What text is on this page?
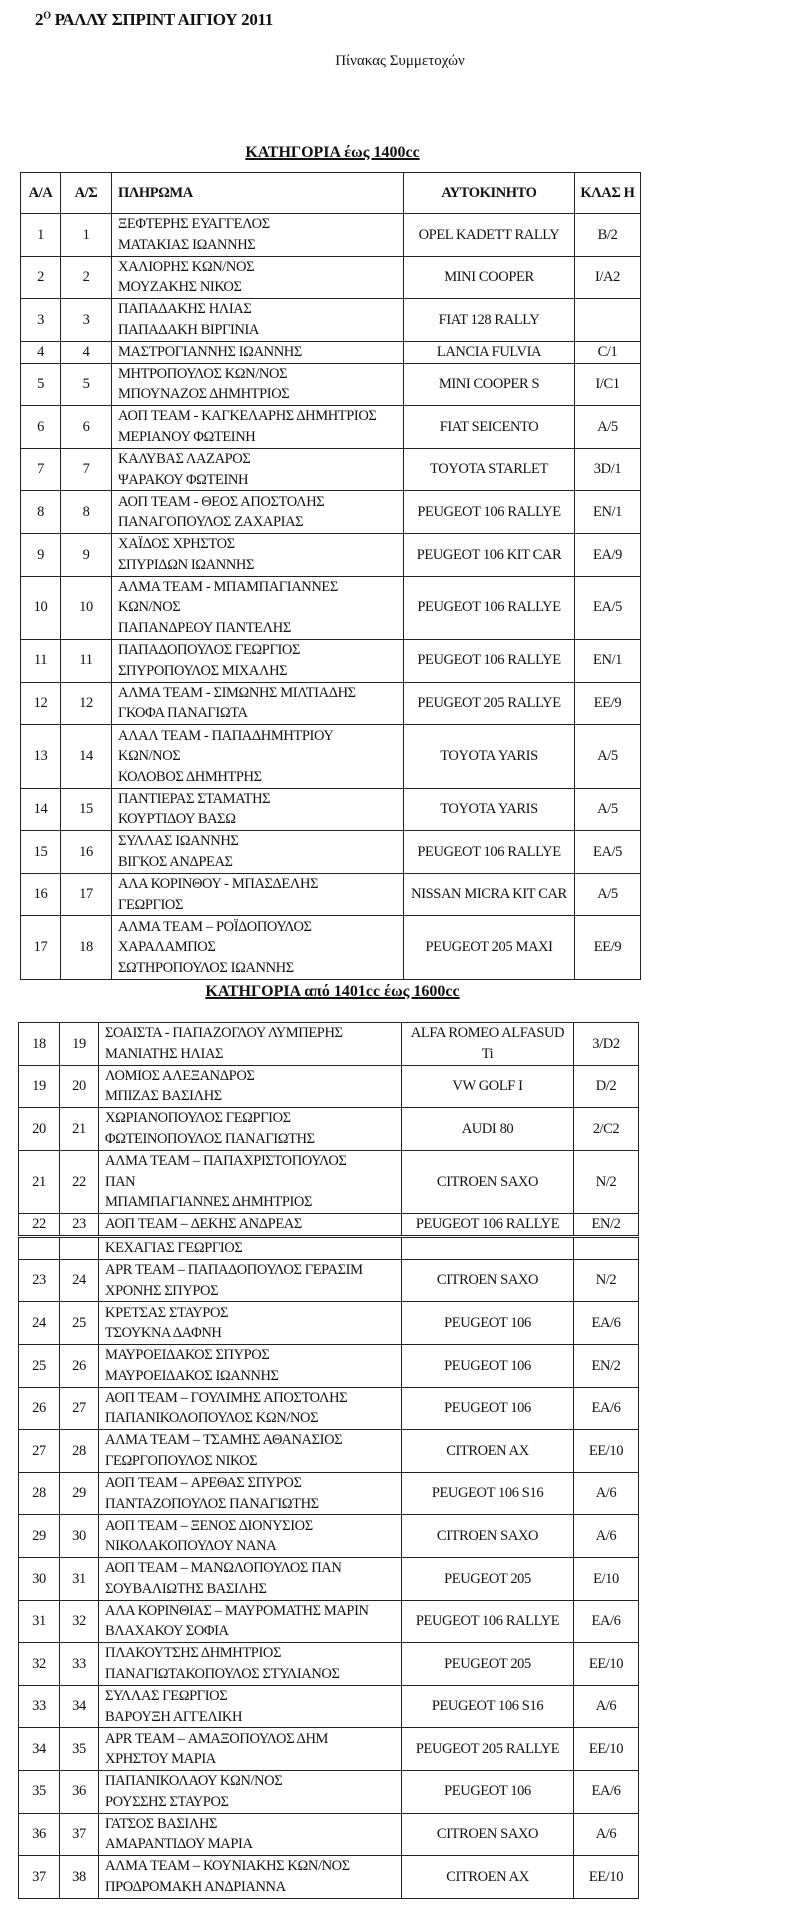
$2^O$ ΡΑΛΛΥ ΣΠΡΙΝΤ ΑΙΓΙΟΥ 2011
Πίνακας Συμμετοχών
ΚΑΤΗΓΟΡΙΑ έως 1400cc
Α/Α	Α/Σ	ΠΛΗΡΩΜΑ	ΑΥΤΟΚΙΝΗΤΟ	ΚΛΑΣ Η
1	1	ΞΕΦΤΕΡΗΣ ΕΥΑΓΓΕΛΟΣ
ΜΑΤΑΚΙΑΣ ΙΩΑΝΝΗΣ	OPEL KADETT RALLY	B/2
2	2	ΧΑΛΙΟΡΗΣ ΚΩΝ/ΝΟΣ
ΜΟΥΖΑΚΗΣ ΝΙΚΟΣ	MINI COOPER	I/A2
3	3	ΠΑΠΑΔΑΚΗΣ ΗΛΙΑΣ
ΠΑΠΑΔΑΚΗ ΒΙΡΓΙΝΙΑ	FIAT 128 RALLY	
4	4	ΜΑΣΤΡΟΓΙΑΝΝΗΣ ΙΩΑΝΝΗΣ	LANCIA FULVIA	C/1
5	5	ΜΗΤΡΟΠΟΥΛΟΣ ΚΩΝ/ΝΟΣ
ΜΠΟΥΝΑΖΟΣ ΔΗΜΗΤΡΙΟΣ	MINI COOPER S	I/C1
6	6	ΑΟΠ TEAM - ΚΑΓΚΕΛΑΡΗΣ ΔΗΜΗΤΡΙΟΣ
ΜΕΡΙΑΝΟΥ ΦΩΤΕΙΝΗ	FIAT SEICENTO	A/5
7	7	ΚΑΛΥΒΑΣ ΛΑΖΑΡΟΣ
ΨΑΡΑΚΟΥ ΦΩΤΕΙΝΗ	TOYOTA STARLET	3D/1
8	8	ΑΟΠ TEAM - ΘΕΟΣ ΑΠΟΣΤΟΛΗΣ
ΠΑΝΑΓΟΠΟΥΛΟΣ ΖΑΧΑΡΙΑΣ	PEUGEOT 106 RALLYE	EN/1
9	9	ΧΑΪΔΟΣ ΧΡΗΣΤΟΣ
ΣΠΥΡΙΔΩΝ ΙΩΑΝΝΗΣ	PEUGEOT 106 KIT CAR	EA/9
10	10	ΑΛΜΑ TEAM - ΜΠΑΜΠΑΓΙΑΝΝΕΣ
ΚΩΝ/ΝΟΣ
ΠΑΠΑΝΔΡΕΟΥ ΠΑΝΤΕΛΗΣ	PEUGEOT 106 RALLYE	EA/5
11	11	ΠΑΠΑΔΟΠΟΥΛΟΣ ΓΕΩΡΓΙΟΣ
ΣΠΥΡΟΠΟΥΛΟΣ ΜΙΧΑΛΗΣ	PEUGEOT 106 RALLYE	EN/1
12	12	ΑΛΜΑ TEAM - ΣΙΜΩΝΗΣ ΜΙΛΤΙΑΔΗΣ
ΓΚΟΦΑ ΠΑΝΑΓΙΩΤΑ	PEUGEOT 205 RALLYE	EE/9
13	14	ΑΛΑΛ TEAM - ΠΑΠΑΔΗΜΗΤΡΙΟΥ
ΚΩΝ/ΝΟΣ
ΚΟΛΟΒΟΣ ΔΗΜΗΤΡΗΣ	TOYOTA YARIS	A/5
14	15	ΠΑΝΤΙΕΡΑΣ ΣΤΑΜΑΤΗΣ
ΚΟΥΡΤΙΔΟΥ ΒΑΣΩ	TOYOTA YARIS	A/5
15	16	ΣΥΛΛΑΣ ΙΩΑΝΝΗΣ
ΒΙΓΚΟΣ ΑΝΔΡΕΑΣ	PEUGEOT 106 RALLYE	EA/5
16	17	ΑΛΑ ΚΟΡΙΝΘΟΥ - ΜΠΑΣΔΕΛΗΣ
ΓΕΩΡΓΙΟΣ	NISSAN MICRA KIT CAR	A/5
17	18	ΑΛΜΑ TEAM – ΡΟΪΔΟΠΟΥΛΟΣ
ΧΑΡΑΛΑΜΠΟΣ
ΣΩΤΗΡΟΠΟΥΛΟΣ ΙΩΑΝΝΗΣ	PEUGEOT 205 MAXI	EE/9
ΚΑΤΗΓΟΡΙΑ από 1401cc έως 1600cc
18	19	ΣΟΑΙΣΤΑ - ΠΑΠΑΖΟΓΛΟΥ ΛΥΜΠΕΡΗΣ
ΜΑΝΙΑΤΗΣ ΗΛΙΑΣ	ALFA ROMEO ALFASUD Ti	3/D2
19	20	ΛΟΜΙΟΣ ΑΛΕΞΑΝΔΡΟΣ
ΜΠΙΖΑΣ ΒΑΣΙΛΗΣ	VW GOLF I	D/2
20	21	ΧΩΡΙΑΝΟΠΟΥΛΟΣ ΓΕΩΡΓΙΟΣ
ΦΩΤΕΙΝΟΠΟΥΛΟΣ ΠΑΝΑΓΙΩΤΗΣ	AUDI 80	2/C2
21	22	ΑΛΜΑ TEAM – ΠΑΠΑΧΡΙΣΤΟΠΟΥΛΟΣ
ΠΑΝ
ΜΠΑΜΠΑΓΙΑΝΝΕΣ ΔΗΜΗΤΡΙΟΣ	CITROEN SAXO	N/2
22	23	ΑΟΠ TEAM – ΔΕΚΗΣ ΑΝΔΡΕΑΣ	PEUGEOT 106 RALLYE	EN/2

		ΚΕΧΑΓΙΑΣ ΓΕΩΡΓΙΟΣ		

23	24	APR TEAM – ΠΑΠΑΔΟΠΟΥΛΟΣ ΓΕΡΑΣΙΜ
ΧΡΟΝΗΣ ΣΠΥΡΟΣ	CITROEN SAXO	N/2
24	25	ΚΡΕΤΣΑΣ ΣΤΑΥΡΟΣ
ΤΣΟΥΚΝΑ ΔΑΦΝΗ	PEUGEOT 106	EA/6
25	26	ΜΑΥΡΟΕΙΔΑΚΟΣ ΣΠΥΡΟΣ
ΜΑΥΡΟΕΙΔΑΚΟΣ ΙΩΑΝΝΗΣ	PEUGEOT 106	EN/2
26	27	ΑΟΠ TEAM – ΓΟΥΛΙΜΗΣ ΑΠΟΣΤΟΛΗΣ
ΠΑΠΑΝΙΚΟΛΟΠΟΥΛΟΣ ΚΩΝ/ΝΟΣ	PEUGEOT 106	EA/6
27	28	ΑΛΜΑ TEAM – ΤΣΑΜΗΣ ΑΘΑΝΑΣΙΟΣ
ΓΕΩΡΓΟΠΟΥΛΟΣ ΝΙΚΟΣ	CITROEN AX	EE/10
28	29	ΑΟΠ TEAM – ΑΡΕΘΑΣ ΣΠΥΡΟΣ
ΠΑΝΤΑΖΟΠΟΥΛΟΣ ΠΑΝΑΓΙΩΤΗΣ	PEUGEOT 106 S16	A/6
29	30	ΑΟΠ TEAM – ΞΕΝΟΣ ΔΙΟΝΥΣΙΟΣ
ΝΙΚΟΛΑΚΟΠΟΥΛΟΥ ΝΑΝΑ	CITROEN SAXO	A/6
30	31	ΑΟΠ TEAM – ΜΑΝΩΛΟΠΟΥΛΟΣ ΠΑΝ
ΣΟΥΒΑΛΙΩΤΗΣ ΒΑΣΙΛΗΣ	PEUGEOT 205	E/10
31	32	ΑΛΑ ΚΟΡΙΝΘΙΑΣ – ΜΑΥΡΟΜΑΤΗΣ ΜΑΡΙΝ
ΒΛΑΧΑΚΟΥ ΣΟΦΙΑ	PEUGEOT 106 RALLYE	EA/6
32	33	ΠΛΑΚΟΥΤΣΗΣ ΔΗΜΗΤΡΙΟΣ
ΠΑΝΑΓΙΩΤΑΚΟΠΟΥΛΟΣ ΣΤΥΛΙΑΝΟΣ	PEUGEOT 205	EE/10
33	34	ΣΥΛΛΑΣ ΓΕΩΡΓΙΟΣ
ΒΑΡΟΥΞΗ ΑΓΓΕΛΙΚΗ	PEUGEOT 106 S16	A/6
34	35	APR TEAM – ΑΜΑΞΟΠΟΥΛΟΣ ΔΗΜ
ΧΡΗΣΤΟΥ ΜΑΡΙΑ	PEUGEOT 205 RALLYE	EE/10
35	36	ΠΑΠΑΝΙΚΟΛΑΟΥ ΚΩΝ/ΝΟΣ
ΡΟΥΣΣΗΣ ΣΤΑΥΡΟΣ	PEUGEOT 106	EA/6
36	37	ΓΑΤΣΟΣ ΒΑΣΙΛΗΣ
ΑΜΑΡΑΝΤΙΔΟΥ ΜΑΡΙΑ	CITROEN SAXO	A/6
37	38	ΑΛΜΑ TEAM – ΚΟΥΝΙΑΚΗΣ ΚΩΝ/ΝΟΣ
ΠΡΟΔΡΟΜΑΚΗ ΑΝΔΡΙΑΝΝΑ	CITROEN AX	EE/10
